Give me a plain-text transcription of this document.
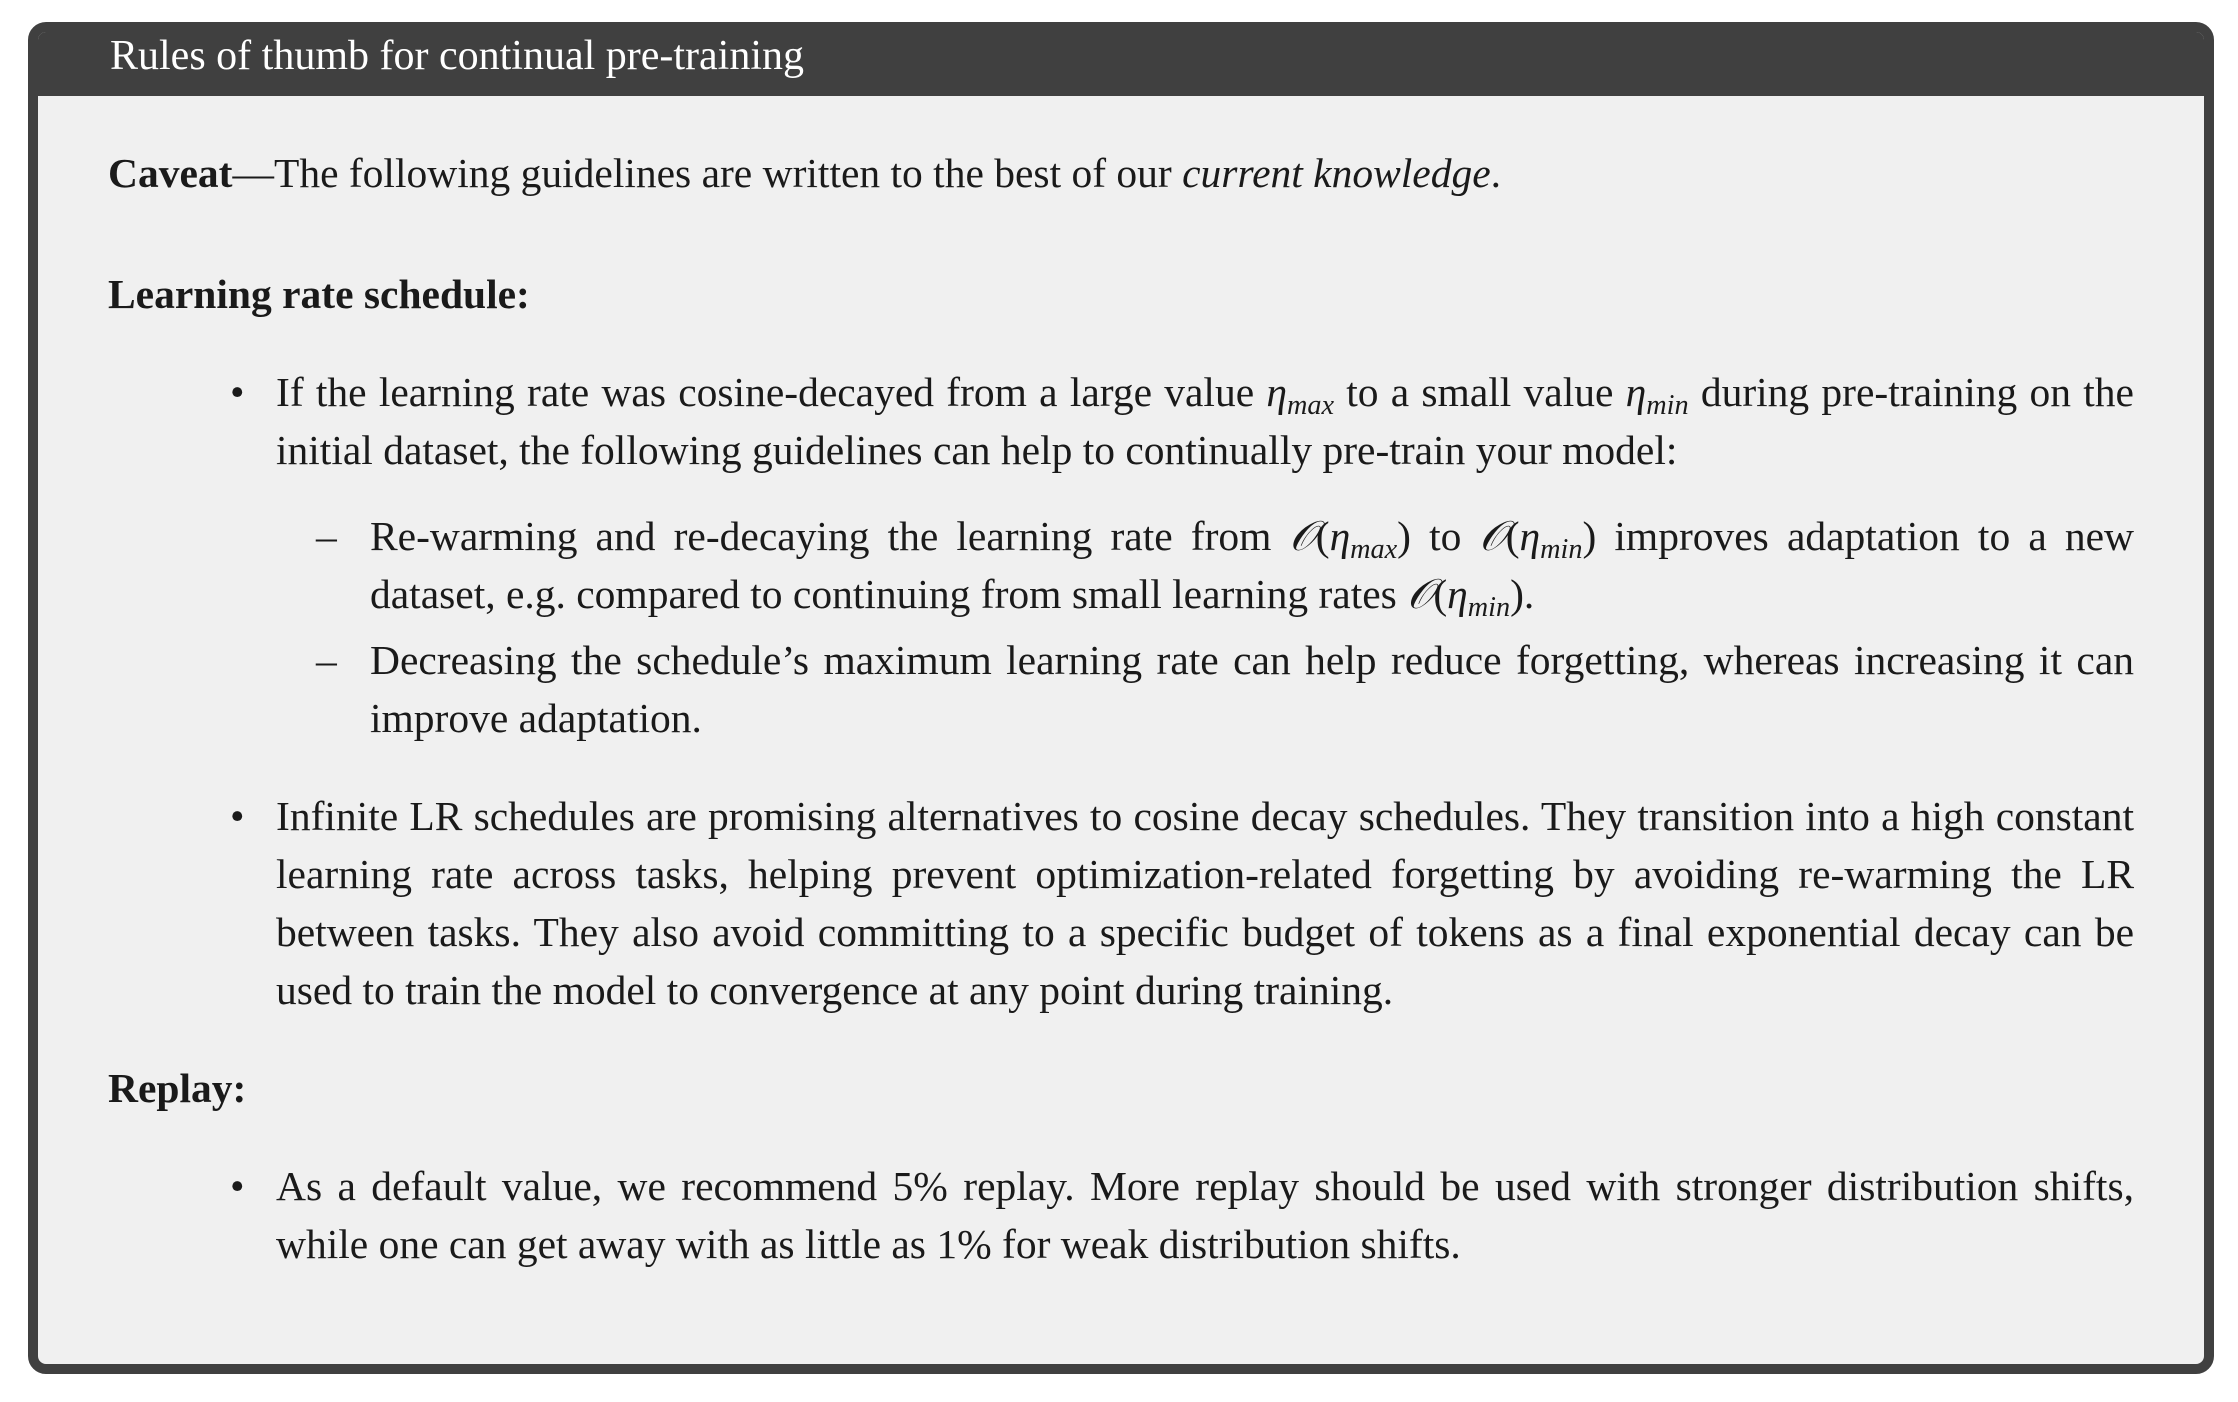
Rules of thumb for continual pre-training

Caveat—The following guidelines are written to the best of our current knowledge.

Learning rate schedule:
• If the learning rate was cosine-decayed from a large value $\eta_{max}$ to a small value $\eta_{min}$ during pre-training on the initial dataset, the following guidelines can help to continually pre-train your model:
– Re-warming and re-decaying the learning rate from $𝒪(\eta_{max})$ to $𝒪(\eta_{min})$ improves adaptation to a new dataset, e.g. compared to continuing from small learning rates $𝒪(\eta_{min})$.
– Decreasing the schedule’s maximum learning rate can help reduce forgetting, whereas increasing it can improve adaptation.
• Infinite LR schedules are promising alternatives to cosine decay schedules. They transition into a high constant learning rate across tasks, helping prevent optimization-related forgetting by avoiding re-warming the LR between tasks. They also avoid committing to a specific budget of tokens as a final exponential decay can be used to train the model to convergence at any point during training.
Replay:
• As a default value, we recommend 5% replay. More replay should be used with stronger distribution shifts, while one can get away with as little as 1% for weak distribution shifts.
